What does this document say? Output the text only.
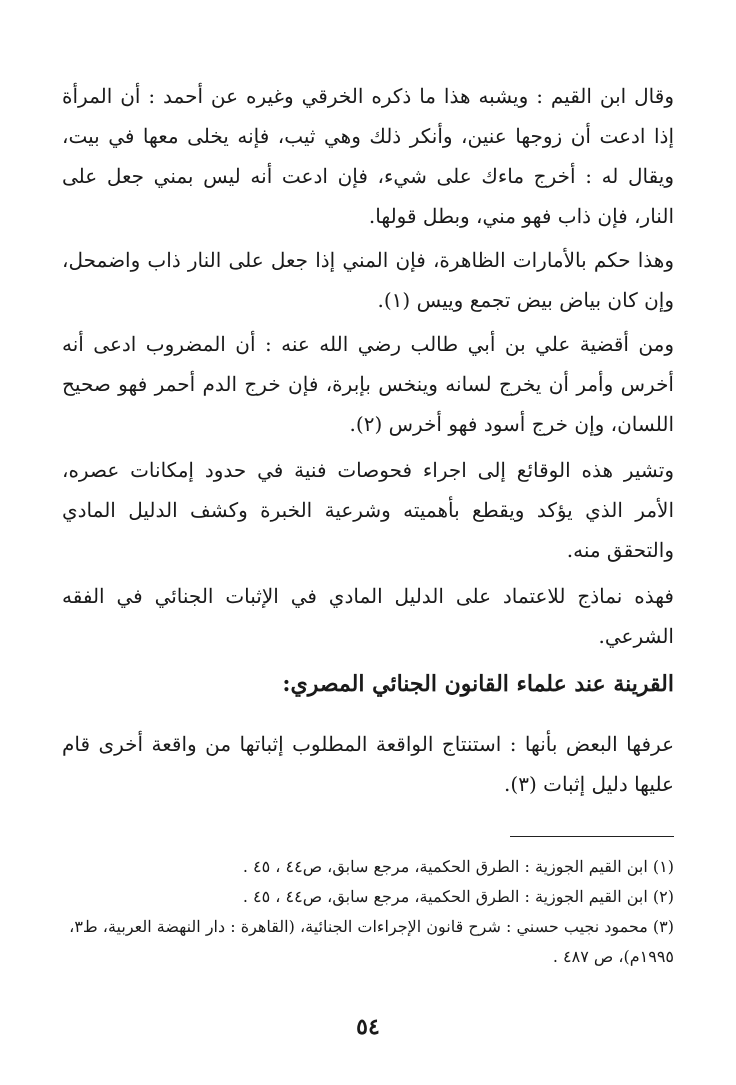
وقال ابن القيم : ويشبه هذا ما ذكره الخرقي وغيره عن أحمد : أن المرأة إذا ادعت أن زوجها عنين، وأنكر ذلك وهي ثيب، فإنه يخلى معها في بيت، ويقال له : أخرج ماءك على شيء، فإن ادعت أنه ليس بمني جعل على النار، فإن ذاب فهو مني، وبطل قولها.

وهذا حكم بالأمارات الظاهرة، فإن المني إذا جعل على النار ذاب واضمحل، وإن كان بياض بيض تجمع وييس (١).

ومن أقضية علي بن أبي طالب رضي الله عنه : أن المضروب ادعى أنه أخرس وأمر أن يخرج لسانه وينخس بإبرة، فإن خرج الدم أحمر فهو صحيح اللسان، وإن خرج أسود فهو أخرس (٢).

وتشير هذه الوقائع إلى اجراء فحوصات فنية في حدود إمكانات عصره، الأمر الذي يؤكد ويقطع بأهميته وشرعية الخبرة وكشف الدليل المادي والتحقق منه.

فهذه نماذج للاعتماد على الدليل المادي في الإثبات الجنائي في الفقه الشرعي.

القرينة عند علماء القانون الجنائي المصري:

عرفها البعض بأنها : استنتاج الواقعة المطلوب إثباتها من واقعة أخرى قام عليها دليل إثبات (٣).

(١) ابن القيم الجوزية : الطرق الحكمية، مرجع سابق، ص٤٤ ، ٤٥ .
(٢) ابن القيم الجوزية : الطرق الحكمية، مرجع سابق، ص٤٤ ، ٤٥ .
(٣) محمود نجيب حسني : شرح قانون الإجراءات الجنائية، (القاهرة : دار النهضة العربية، ط٣، ١٩٩٥م)، ص ٤٨٧ .
٥٤
